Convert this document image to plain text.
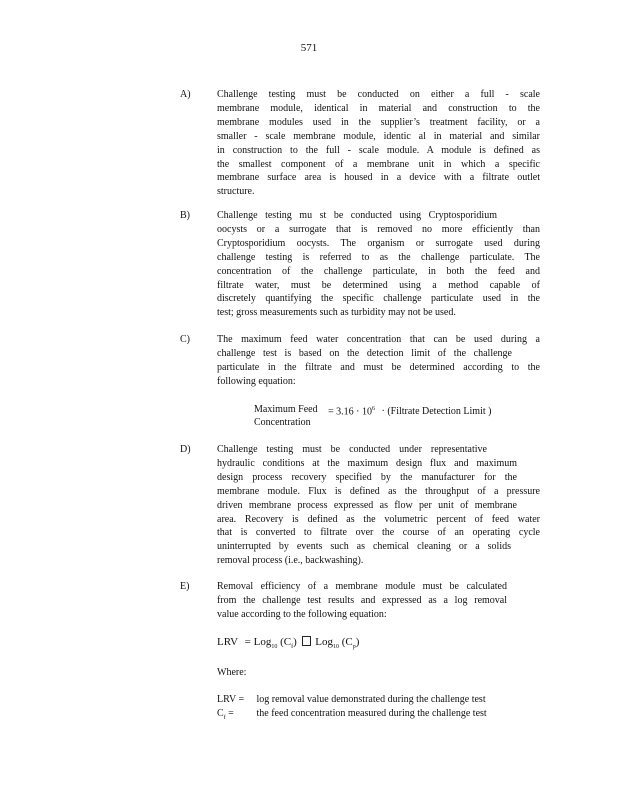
571
A)	Challenge testing must be conducted on either a full - scale
membrane module, identical in material and construction to the
membrane modules used in the supplier’s treatment facility, or a
smaller - scale membrane module, identic al in material and similar
in construction to the full - scale module. A module is defined as
the smallest component of a membrane unit in which a specific
membrane surface area is housed in a device with a filtrate outlet
structure.
B)	Challenge testing mu st be conducted using Cryptosporidium
oocysts or a surrogate that is removed no more efficiently than
Cryptosporidium oocysts. The organism or surrogate used during
challenge testing is referred to as the challenge particulate. The
concentration of the challenge particulate, in both the feed and
filtrate water, must be determined using a method capable of
discretely quantifying the specific challenge particulate used in the
test; gross measurements such as turbidity may not be used.
C)	The maximum feed water concentration that can be used during a
challenge test is based on the detection limit of the challenge
particulate in the filtrate and must be determined according to the
following equation:
Maximum Feed
Concentration
= $3.16 \cdot 10^6$ · (Filtrate Detection Limit )
D)	Challenge testing must be conducted under representative
hydraulic conditions at the maximum design flux and maximum
design process recovery specified by the manufacturer for the
membrane module. Flux is defined as the throughput of a pressure
driven membrane process expressed as flow per unit of membrane
area. Recovery is defined as the volumetric percent of feed water
that is converted to filtrate over the course of an operating cycle
uninterrupted by events such as chemical cleaning or a solids
removal process (i.e., backwashing).
E)	Removal efficiency of a membrane module must be calculated
from the challenge test results and expressed as a log removal
value according to the following equation:
LRV = Log$_{10}$ $(C_f)$ Log$_{10}$ $(C_p)$
Where:
LRV = log removal value demonstrated during the challenge test
$C_f$ = the feed concentration measured during the challenge test
